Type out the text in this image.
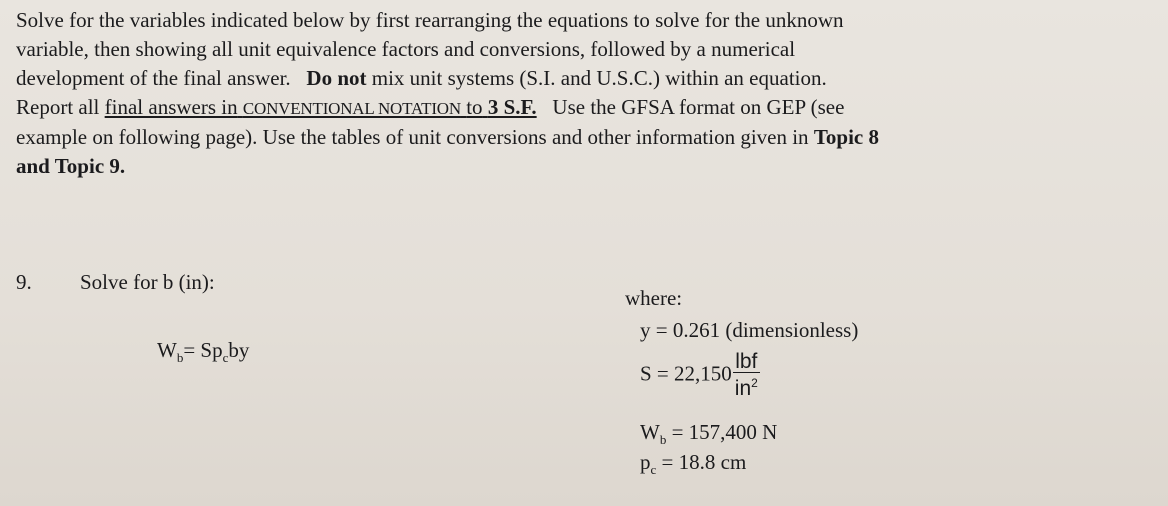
Solve for the variables indicated below by first rearranging the equations to solve for the unknown
variable, then showing all unit equivalence factors and conversions, followed by a numerical
development of the final answer. Do not mix unit systems (S.I. and U.S.C.) within an equation.
Report all final answers in CONVENTIONAL NOTATION to 3 S.F. Use the GFSA format on GEP (see
example on following page). Use the tables of unit conversions and other information given in Topic 8
and Topic 9.
9. Solve for b (in):
$W_b= Sp_cby$
where:
y = 0.261 (dimensionless)
$S = 22,150 \frac{\text{lbf}}{in^2}$
$W_b = 157,400$ N
$p_c = 18.8$ cm
